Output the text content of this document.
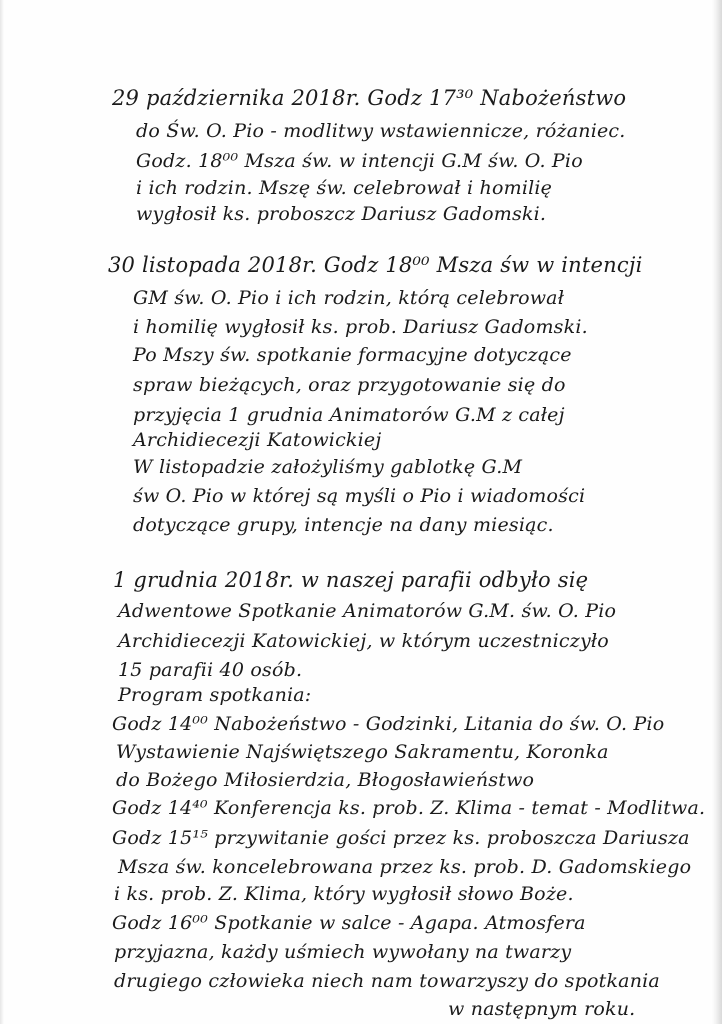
29 października 2018r. Godz 17³⁰ Nabożeństwo
do Św. O. Pio - modlitwy wstawiennicze, różaniec.
Godz. 18⁰⁰ Msza św. w intencji G.M św. O. Pio
i ich rodzin. Mszę św. celebrował i homilię
wygłosił ks. proboszcz Dariusz Gadomski.
30 listopada 2018r. Godz 18⁰⁰ Msza św w intencji
GM św. O. Pio i ich rodzin, którą celebrował
i homilię wygłosił ks. prob. Dariusz Gadomski.
Po Mszy św. spotkanie formacyjne dotyczące
spraw bieżących, oraz przygotowanie się do
przyjęcia 1 grudnia Animatorów G.M z całej
Archidiecezji Katowickiej
W listopadzie założyliśmy gablotkę G.M
św O. Pio w której są myśli o Pio i wiadomości
dotyczące grupy, intencje na dany miesiąc.
1 grudnia 2018r. w naszej parafii odbyło się
Adwentowe Spotkanie Animatorów G.M. św. O. Pio
Archidiecezji Katowickiej, w którym uczestniczyło
15 parafii 40 osób.
Program spotkania:
Godz 14⁰⁰ Nabożeństwo - Godzinki, Litania do św. O. Pio
Wystawienie Najświętszego Sakramentu, Koronka
do Bożego Miłosierdzia, Błogosławieństwo
Godz 14⁴⁰ Konferencja ks. prob. Z. Klima - temat - Modlitwa.
Godz 15¹⁵ przywitanie gości przez ks. proboszcza Dariusza
Msza św. koncelebrowana przez ks. prob. D. Gadomskiego
i ks. prob. Z. Klima, który wygłosił słowo Boże.
Godz 16⁰⁰ Spotkanie w salce - Agapa. Atmosfera
przyjazna, każdy uśmiech wywołany na twarzy
drugiego człowieka niech nam towarzyszy do spotkania
w następnym roku.
